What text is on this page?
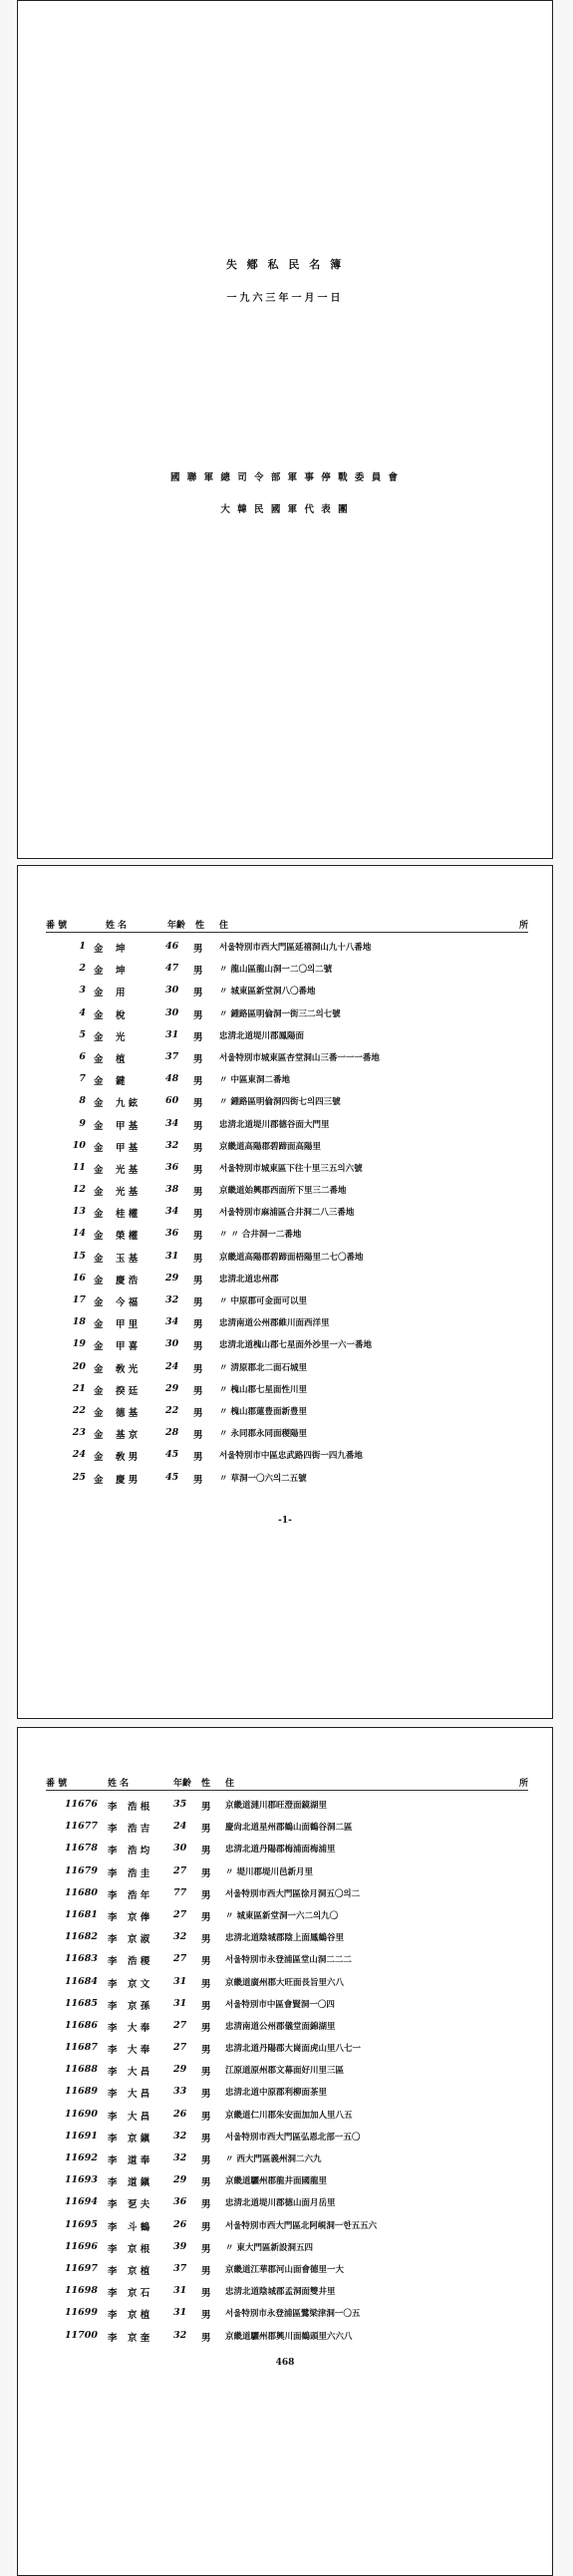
失 鄕 私 民 名 簿
一九六三年一月一日
國 聯 軍 總 司 令 部 軍 事 停 戰 委 員 會
大 韓 民 國 軍 代 表 團
番 號	姓 名	年齡 性 住	所
1 金 坤	46 男 서울特別市西大門區延禧洞山九十八番地
2 金 坤	47 男 〃 龍山區龍山洞一二〇의二號
3 金 用	30 男 〃 城東區新堂洞八〇番地
4 金 梲	30 男 〃 鍾路區明倫洞一街三二의七號
5 金 光	31 男 忠淸北道堤川郡鳳陽面
6 金 植	37 男 서울特別市城東區杏堂洞山三番一一一番地
7 金 鍵	48 男 〃 中區東洞二番地
8 金 九 鉉	60 男 〃 鍾路區明倫洞四街七의四三號
9 金 甲 基	34 男 忠淸北道堤川郡德谷面大門里
10 金 甲 基	32 男 京畿道高陽郡碧蹄面高陽里
11 金 光 基	36 男 서울特別市城東區下往十里三五의六號
12 金 光 基	38 男 京畿道始興郡西面所下里三二番地
13 金 桂 權	34 男 서울特別市麻浦區合井洞二八三番地
14 金 榮 權	36 男 〃 〃 合井洞一二番地
15 金 玉 基	31 男 京畿道高陽郡碧蹄面梧陽里二七〇番地
16 金 慶 浩	29 男 忠淸北道忠州郡
17 金 今 福	32 男 〃 中原郡可金面可以里
18 金 甲 里	34 男 忠淸南道公州郡維川面西洋里
19 金 甲 喜	30 男 忠淸北道槐山郡七星面外沙里一六一番地
20 金 敎 光	24 男 〃 淸原郡北二面石城里
21 金 揆 廷	29 男 〃 槐山郡七星面性川里
22 金 德 基	22 男 〃 槐山郡蓮豊面新豊里
23 金 基 京	28 男 〃 永同郡永同面稷陽里
24 金 敎 男	45 男 서울特別市中區忠武路四街一四九番地
25 金 慶 男	45 男 〃 草洞一〇六의二五號
-1-
番 號	姓 名	年齡 性 住	所
11676 李 浩 根 35 男 京畿道漣川郡旺澄面鏡湖里
11677 李 浩 吉 24 男 慶尙北道星州郡鶴山面鶴谷洞二區
11678 李 浩 均 30 男 忠淸北道丹陽郡梅浦面梅浦里
11679 李 浩 圭 27 男 〃 堤川郡堤川邑新月里
11680 李 浩 年 77 男 서울特別市西大門區徐月洞五〇의二
11681 李 京 俸 27 男 〃 城東區新堂洞一六二의九〇
11682 李 京 淑 32 男 忠淸北道陰城郡陰上面鳳鶴谷里
11683 李 浩 稷 27 男 서울特別市永登浦區堂山洞二二二
11684 李 京 文 31 男 京畿道廣州郡大旺面長旨里六八
11685 李 京 孫 31 男 서울特別市中區會賢洞一〇四
11686 李 大 奉 27 男 忠淸南道公州郡儀堂面錦湖里
11687 李 大 奉 27 男 忠淸北道丹陽郡大崗面虎山里八七一
11688 李 大 昌 29 男 江原道原州郡文幕面好川里三區
11689 李 大 昌 33 男 忠淸北道中原郡利柳面茶里
11690 李 大 昌 26 男 京畿道仁川郡朱安面加加人里八五
11691 李 京 鎭 32 男 서울特別市西大門區弘恩北部一五〇
11692 李 道 奉 32 男 〃 西大門區義州洞二六九
11693 李 道 鎭 29 男 京畿道驪州郡龍井面國龍里
11694 李 乭 夫 36 男 忠淸北道堤川郡德山面月岳里
11695 李 斗 鶴 26 男 서울特別市西大門區北阿峴洞一한五五六
11696 李 京 根 39 男 〃 東大門區新設洞五四
11697 李 京 植 37 男 京畿道江華郡河山面會德里一大
11698 李 京 石 31 男 忠淸北道陰城郡孟洞面雙井里
11699 李 京 植 31 男 서울特別市永登浦區鷺梁津洞一〇五
11700 李 京 奎 32 男 京畿道驪州郡興川面鶴頭里六六八
468
